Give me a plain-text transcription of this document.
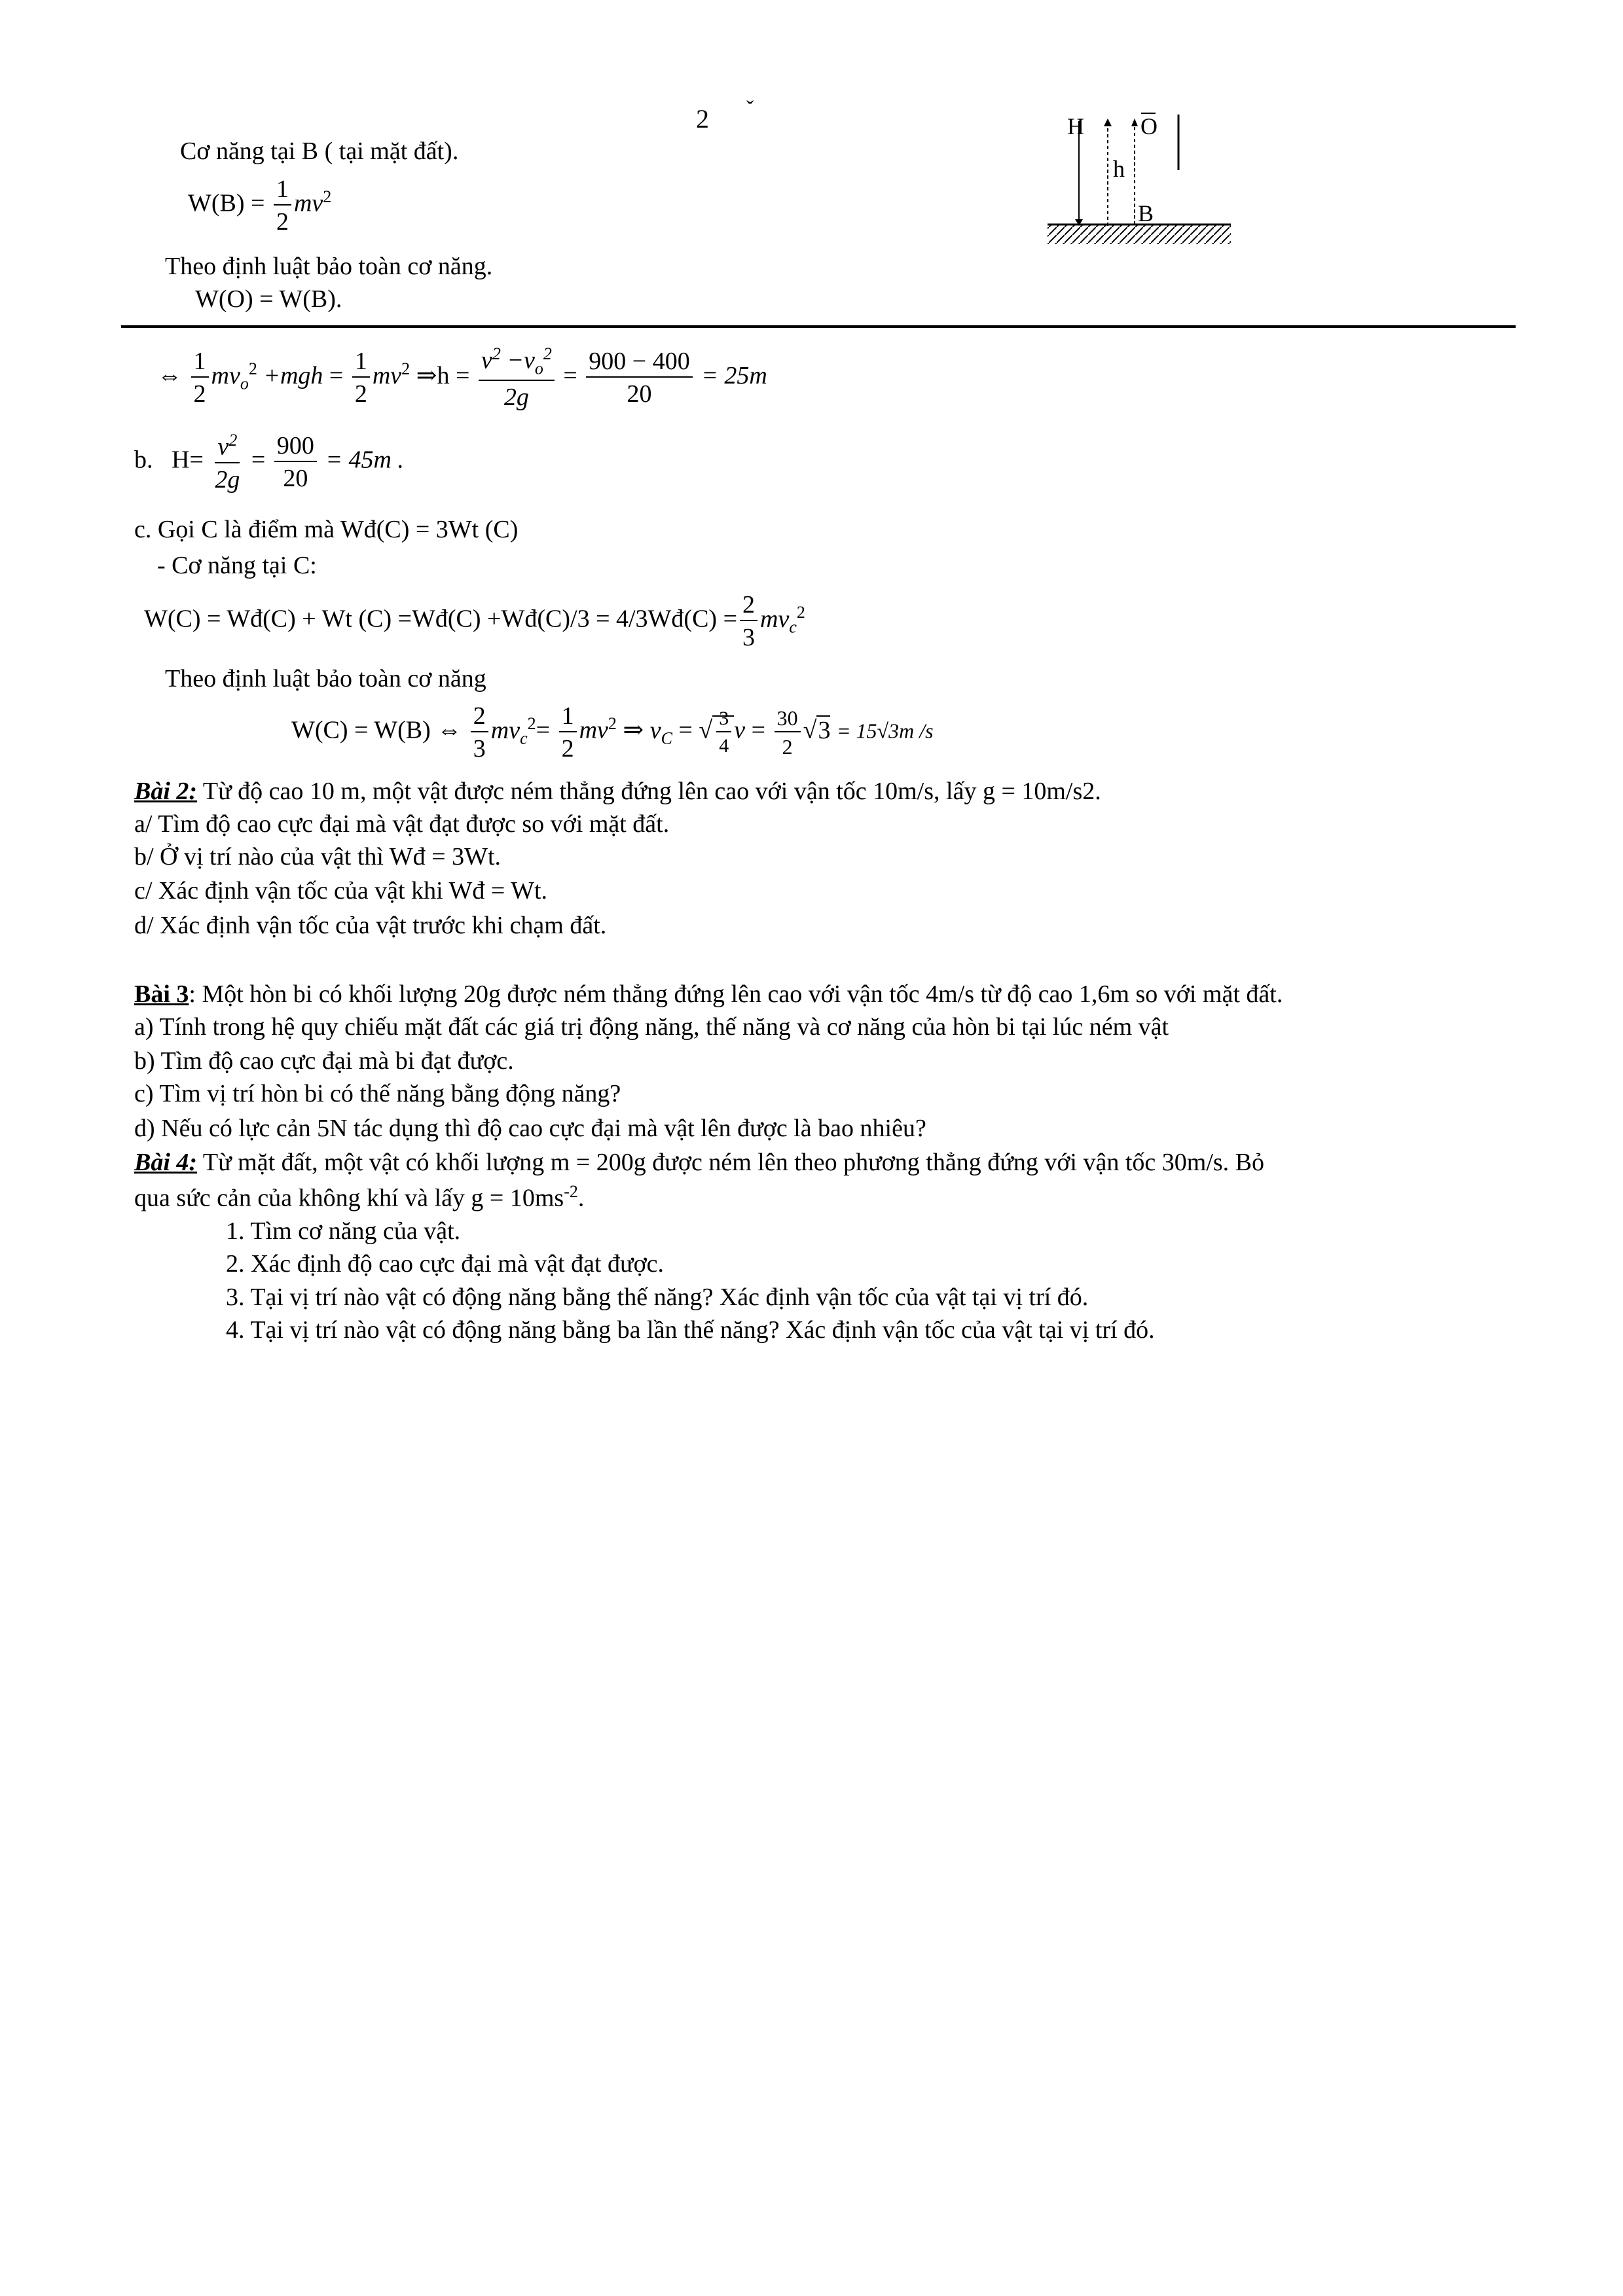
2 ˇ
H O
h
B
Cơ năng tại B ( tại mặt đất).
$W(B) = \frac{1}{2} mv^2$
Theo định luật bảo toàn cơ năng.
W(O) = W(B).
⇔ $\frac{1}{2} mv_o^2 +mgh = \frac{1}{2} mv^2$ ⇒h = $\frac{v^2 -v_o^2}{2g} = \frac{900 - 400}{20} = 25m$
b.   $H= \frac{v^2}{2g} = \frac{900}{20} = 45m$ .
c. Gọi C là điểm mà Wđ(C) = 3Wt (C)
- Cơ năng tại C:
W(C) = Wđ(C) + Wt (C) =Wđ(C) +Wđ(C)/3 = 4/3Wđ(C) = $\frac{2}{3} mv_c^2$
Theo định luật bảo toàn cơ năng
W(C) = W(B) ⇔ $\frac{2}{3} mv_c^2= \frac{1}{2} mv^2$ ⇒ $v_C$ = √ $\frac{3}{4}$ $v = \frac{30}{2} √3 = 15√3m$ /s
Bài 2: Từ độ cao 10 m, một vật được ném thẳng đứng lên cao với vận tốc 10m/s, lấy g = 10m/s2.
a/ Tìm độ cao cực đại mà vật đạt được so với mặt đất.
b/ Ở vị trí nào của vật thì Wđ = 3Wt.
c/ Xác định vận tốc của vật khi Wđ = Wt.
d/ Xác định vận tốc của vật trước khi chạm đất.
Bài 3: Một hòn bi có khối lượng 20g được ném thẳng đứng lên cao với vận tốc 4m/s từ độ cao 1,6m so với mặt đất.
a) Tính trong hệ quy chiếu mặt đất các giá trị động năng, thế năng và cơ năng của hòn bi tại lúc ném vật
b) Tìm độ cao cực đại mà bi đạt được.
c) Tìm vị trí hòn bi có thế năng bằng động năng?
d) Nếu có lực cản 5N tác dụng thì độ cao cực đại mà vật lên được là bao nhiêu?
Bài 4: Từ mặt đất, một vật có khối lượng m = 200g được ném lên theo phương thẳng đứng với vận tốc 30m/s. Bỏ
qua sức cản của không khí và lấy $g = 10ms^{-2}$.
1. Tìm cơ năng của vật.
2. Xác định độ cao cực đại mà vật đạt được.
3. Tại vị trí nào vật có động năng bằng thế năng? Xác định vận tốc của vật tại vị trí đó.
4. Tại vị trí nào vật có động năng bằng ba lần thế năng? Xác định vận tốc của vật tại vị trí đó.
